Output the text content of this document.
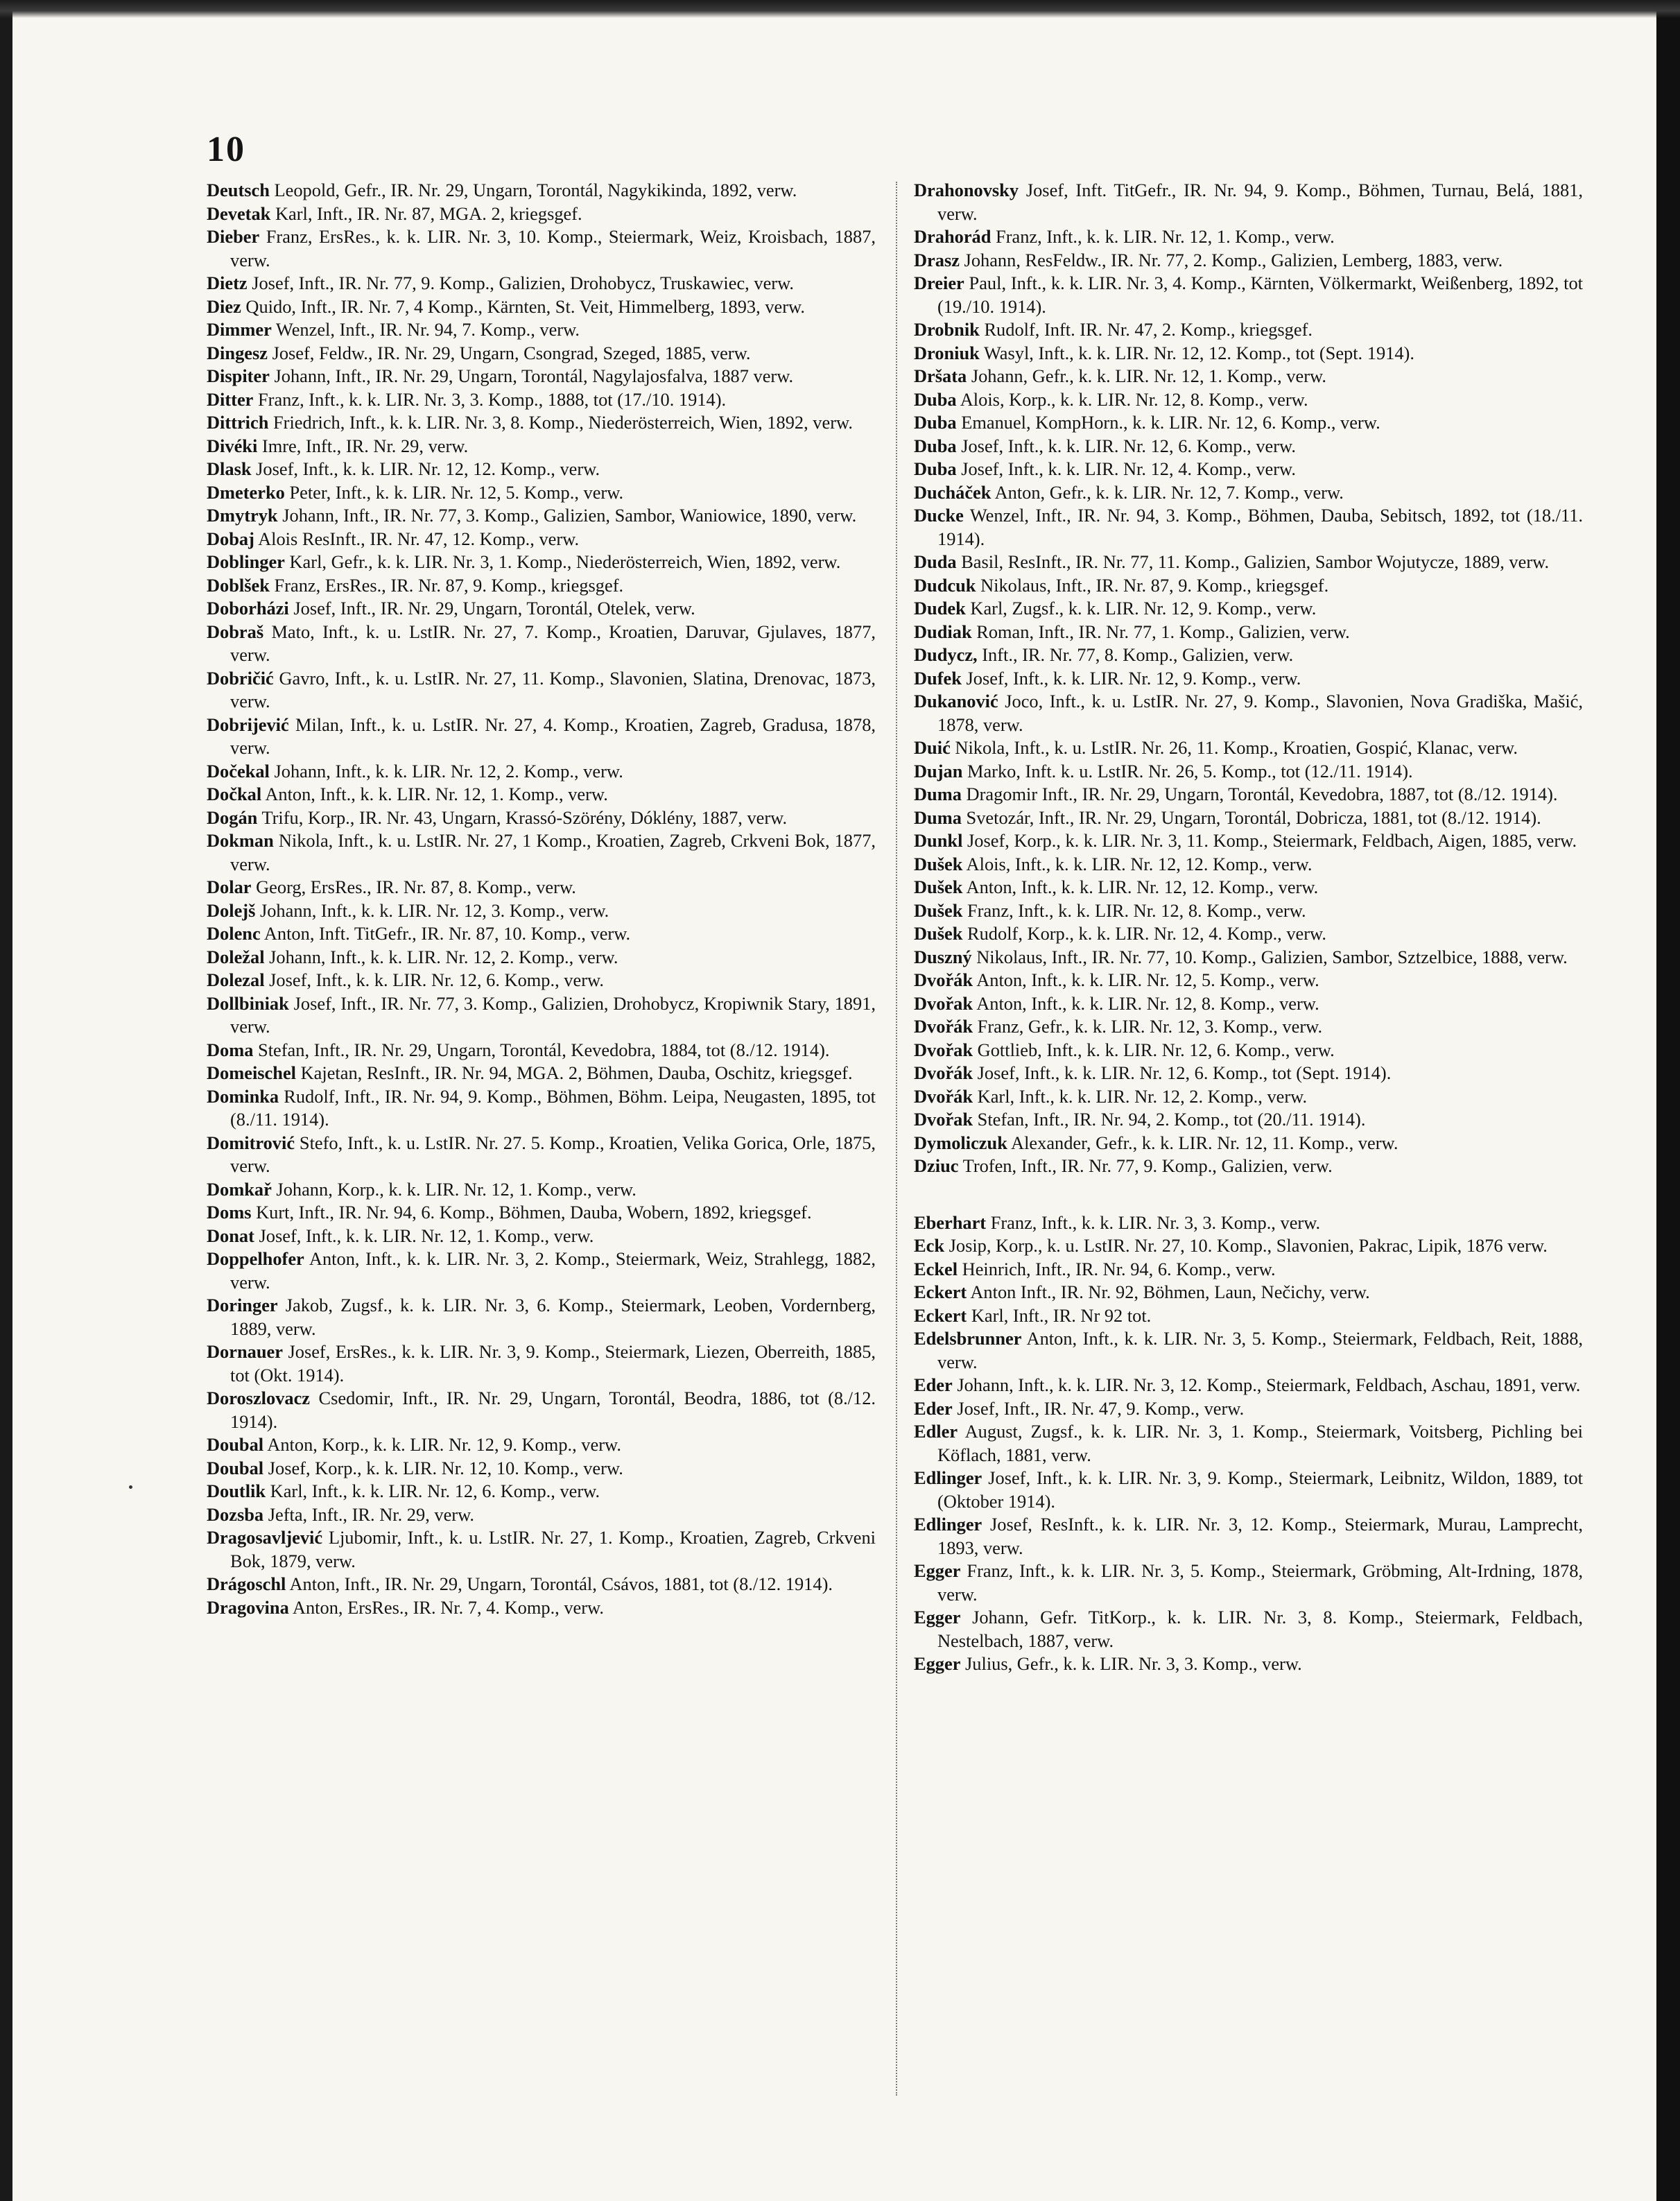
10
Deutsch Leopold, Gefr., IR. Nr. 29, Ungarn, Torontál, Nagykikinda, 1892, verw.
Devetak Karl, Inft., IR. Nr. 87, MGA. 2, kriegsgef.
Dieber Franz, ErsRes., k. k. LIR. Nr. 3, 10. Komp., Steiermark, Weiz, Kroisbach, 1887, verw.
Dietz Josef, Inft., IR. Nr. 77, 9. Komp., Galizien, Drohobycz, Truskawiec, verw.
Diez Quido, Inft., IR. Nr. 7, 4 Komp., Kärnten, St. Veit, Himmelberg, 1893, verw.
Dimmer Wenzel, Inft., IR. Nr. 94, 7. Komp., verw.
Dingesz Josef, Feldw., IR. Nr. 29, Ungarn, Csongrad, Szeged, 1885, verw.
Dispiter Johann, Inft., IR. Nr. 29, Ungarn, Torontál, Nagylajosfalva, 1887 verw.
Ditter Franz, Inft., k. k. LIR. Nr. 3, 3. Komp., 1888, tot (17./10. 1914).
Dittrich Friedrich, Inft., k. k. LIR. Nr. 3, 8. Komp., Niederösterreich, Wien, 1892, verw.
Divéki Imre, Inft., IR. Nr. 29, verw.
Dlask Josef, Inft., k. k. LIR. Nr. 12, 12. Komp., verw.
Dmeterko Peter, Inft., k. k. LIR. Nr. 12, 5. Komp., verw.
Dmytryk Johann, Inft., IR. Nr. 77, 3. Komp., Galizien, Sambor, Waniowice, 1890, verw.
Dobaj Alois ResInft., IR. Nr. 47, 12. Komp., verw.
Doblinger Karl, Gefr., k. k. LIR. Nr. 3, 1. Komp., Niederösterreich, Wien, 1892, verw.
Doblšek Franz, ErsRes., IR. Nr. 87, 9. Komp., kriegsgef.
Doborházi Josef, Inft., IR. Nr. 29, Ungarn, Torontál, Otelek, verw.
Dobraš Mato, Inft., k. u. LstIR. Nr. 27, 7. Komp., Kroatien, Daruvar, Gjulaves, 1877, verw.
Dobričić Gavro, Inft., k. u. LstIR. Nr. 27, 11. Komp., Slavonien, Slatina, Drenovac, 1873, verw.
Dobrijević Milan, Inft., k. u. LstIR. Nr. 27, 4. Komp., Kroatien, Zagreb, Gradusa, 1878, verw.
Dočekal Johann, Inft., k. k. LIR. Nr. 12, 2. Komp., verw.
Dočkal Anton, Inft., k. k. LIR. Nr. 12, 1. Komp., verw.
Dogán Trifu, Korp., IR. Nr. 43, Ungarn, Krassó-Szörény, Dóklény, 1887, verw.
Dokman Nikola, Inft., k. u. LstIR. Nr. 27, 1 Komp., Kroatien, Zagreb, Crkveni Bok, 1877, verw.
Dolar Georg, ErsRes., IR. Nr. 87, 8. Komp., verw.
Dolejš Johann, Inft., k. k. LIR. Nr. 12, 3. Komp., verw.
Dolenc Anton, Inft. TitGefr., IR. Nr. 87, 10. Komp., verw.
Doležal Johann, Inft., k. k. LIR. Nr. 12, 2. Komp., verw.
Dolezal Josef, Inft., k. k. LIR. Nr. 12, 6. Komp., verw.
Dollbiniak Josef, Inft., IR. Nr. 77, 3. Komp., Galizien, Drohobycz, Kropiwnik Stary, 1891, verw.
Doma Stefan, Inft., IR. Nr. 29, Ungarn, Torontál, Kevedobra, 1884, tot (8./12. 1914).
Domeischel Kajetan, ResInft., IR. Nr. 94, MGA. 2, Böhmen, Dauba, Oschitz, kriegsgef.
Dominka Rudolf, Inft., IR. Nr. 94, 9. Komp., Böhmen, Böhm. Leipa, Neugasten, 1895, tot (8./11. 1914).
Domitrović Stefo, Inft., k. u. LstIR. Nr. 27. 5. Komp., Kroatien, Velika Gorica, Orle, 1875, verw.
Domkař Johann, Korp., k. k. LIR. Nr. 12, 1. Komp., verw.
Doms Kurt, Inft., IR. Nr. 94, 6. Komp., Böhmen, Dauba, Wobern, 1892, kriegsgef.
Donat Josef, Inft., k. k. LIR. Nr. 12, 1. Komp., verw.
Doppelhofer Anton, Inft., k. k. LIR. Nr. 3, 2. Komp., Steiermark, Weiz, Strahlegg, 1882, verw.
Doringer Jakob, Zugsf., k. k. LIR. Nr. 3, 6. Komp., Steiermark, Leoben, Vordernberg, 1889, verw.
Dornauer Josef, ErsRes., k. k. LIR. Nr. 3, 9. Komp., Steiermark, Liezen, Oberreith, 1885, tot (Okt. 1914).
Doroszlovacz Csedomir, Inft., IR. Nr. 29, Ungarn, Torontál, Beodra, 1886, tot (8./12. 1914).
Doubal Anton, Korp., k. k. LIR. Nr. 12, 9. Komp., verw.
Doubal Josef, Korp., k. k. LIR. Nr. 12, 10. Komp., verw.
Doutlik Karl, Inft., k. k. LIR. Nr. 12, 6. Komp., verw.
Dozsba Jefta, Inft., IR. Nr. 29, verw.
Dragosavljević Ljubomir, Inft., k. u. LstIR. Nr. 27, 1. Komp., Kroatien, Zagreb, Crkveni Bok, 1879, verw.
Drágoschl Anton, Inft., IR. Nr. 29, Ungarn, Torontál, Csávos, 1881, tot (8./12. 1914).
Dragovina Anton, ErsRes., IR. Nr. 7, 4. Komp., verw.
Drahonovsky Josef, Inft. TitGefr., IR. Nr. 94, 9. Komp., Böhmen, Turnau, Belá, 1881, verw.
Drahorád Franz, Inft., k. k. LIR. Nr. 12, 1. Komp., verw.
Drasz Johann, ResFeldw., IR. Nr. 77, 2. Komp., Galizien, Lemberg, 1883, verw.
Dreier Paul, Inft., k. k. LIR. Nr. 3, 4. Komp., Kärnten, Völkermarkt, Weißenberg, 1892, tot (19./10. 1914).
Drobnik Rudolf, Inft. IR. Nr. 47, 2. Komp., kriegsgef.
Droniuk Wasyl, Inft., k. k. LIR. Nr. 12, 12. Komp., tot (Sept. 1914).
Dršata Johann, Gefr., k. k. LIR. Nr. 12, 1. Komp., verw.
Duba Alois, Korp., k. k. LIR. Nr. 12, 8. Komp., verw.
Duba Emanuel, KompHorn., k. k. LIR. Nr. 12, 6. Komp., verw.
Duba Josef, Inft., k. k. LIR. Nr. 12, 6. Komp., verw.
Duba Josef, Inft., k. k. LIR. Nr. 12, 4. Komp., verw.
Ducháček Anton, Gefr., k. k. LIR. Nr. 12, 7. Komp., verw.
Ducke Wenzel, Inft., IR. Nr. 94, 3. Komp., Böhmen, Dauba, Sebitsch, 1892, tot (18./11. 1914).
Duda Basil, ResInft., IR. Nr. 77, 11. Komp., Galizien, Sambor Wojutycze, 1889, verw.
Dudcuk Nikolaus, Inft., IR. Nr. 87, 9. Komp., kriegsgef.
Dudek Karl, Zugsf., k. k. LIR. Nr. 12, 9. Komp., verw.
Dudiak Roman, Inft., IR. Nr. 77, 1. Komp., Galizien, verw.
Dudycz, Inft., IR. Nr. 77, 8. Komp., Galizien, verw.
Dufek Josef, Inft., k. k. LIR. Nr. 12, 9. Komp., verw.
Dukanović Joco, Inft., k. u. LstIR. Nr. 27, 9. Komp., Slavonien, Nova Gradiška, Mašić, 1878, verw.
Duić Nikola, Inft., k. u. LstIR. Nr. 26, 11. Komp., Kroatien, Gospić, Klanac, verw.
Dujan Marko, Inft. k. u. LstIR. Nr. 26, 5. Komp., tot (12./11. 1914).
Duma Dragomir Inft., IR. Nr. 29, Ungarn, Torontál, Kevedobra, 1887, tot (8./12. 1914).
Duma Svetozár, Inft., IR. Nr. 29, Ungarn, Torontál, Dobricza, 1881, tot (8./12. 1914).
Dunkl Josef, Korp., k. k. LIR. Nr. 3, 11. Komp., Steiermark, Feldbach, Aigen, 1885, verw.
Dušek Alois, Inft., k. k. LIR. Nr. 12, 12. Komp., verw.
Dušek Anton, Inft., k. k. LIR. Nr. 12, 12. Komp., verw.
Dušek Franz, Inft., k. k. LIR. Nr. 12, 8. Komp., verw.
Dušek Rudolf, Korp., k. k. LIR. Nr. 12, 4. Komp., verw.
Duszný Nikolaus, Inft., IR. Nr. 77, 10. Komp., Galizien, Sambor, Sztzelbice, 1888, verw.
Dvořák Anton, Inft., k. k. LIR. Nr. 12, 5. Komp., verw.
Dvořak Anton, Inft., k. k. LIR. Nr. 12, 8. Komp., verw.
Dvořák Franz, Gefr., k. k. LIR. Nr. 12, 3. Komp., verw.
Dvořak Gottlieb, Inft., k. k. LIR. Nr. 12, 6. Komp., verw.
Dvořák Josef, Inft., k. k. LIR. Nr. 12, 6. Komp., tot (Sept. 1914).
Dvořák Karl, Inft., k. k. LIR. Nr. 12, 2. Komp., verw.
Dvořak Stefan, Inft., IR. Nr. 94, 2. Komp., tot (20./11. 1914).
Dymoliczuk Alexander, Gefr., k. k. LIR. Nr. 12, 11. Komp., verw.
Dziuc Trofen, Inft., IR. Nr. 77, 9. Komp., Galizien, verw.
Eberhart Franz, Inft., k. k. LIR. Nr. 3, 3. Komp., verw.
Eck Josip, Korp., k. u. LstIR. Nr. 27, 10. Komp., Slavonien, Pakrac, Lipik, 1876 verw.
Eckel Heinrich, Inft., IR. Nr. 94, 6. Komp., verw.
Eckert Anton Inft., IR. Nr. 92, Böhmen, Laun, Nečichy, verw.
Eckert Karl, Inft., IR. Nr 92 tot.
Edelsbrunner Anton, Inft., k. k. LIR. Nr. 3, 5. Komp., Steiermark, Feldbach, Reit, 1888, verw.
Eder Johann, Inft., k. k. LIR. Nr. 3, 12. Komp., Steiermark, Feldbach, Aschau, 1891, verw.
Eder Josef, Inft., IR. Nr. 47, 9. Komp., verw.
Edler August, Zugsf., k. k. LIR. Nr. 3, 1. Komp., Steiermark, Voitsberg, Pichling bei Köflach, 1881, verw.
Edlinger Josef, Inft., k. k. LIR. Nr. 3, 9. Komp., Steiermark, Leibnitz, Wildon, 1889, tot (Oktober 1914).
Edlinger Josef, ResInft., k. k. LIR. Nr. 3, 12. Komp., Steiermark, Murau, Lamprecht, 1893, verw.
Egger Franz, Inft., k. k. LIR. Nr. 3, 5. Komp., Steiermark, Gröbming, Alt-Irdning, 1878, verw.
Egger Johann, Gefr. TitKorp., k. k. LIR. Nr. 3, 8. Komp., Steiermark, Feldbach, Nestelbach, 1887, verw.
Egger Julius, Gefr., k. k. LIR. Nr. 3, 3. Komp., verw.
